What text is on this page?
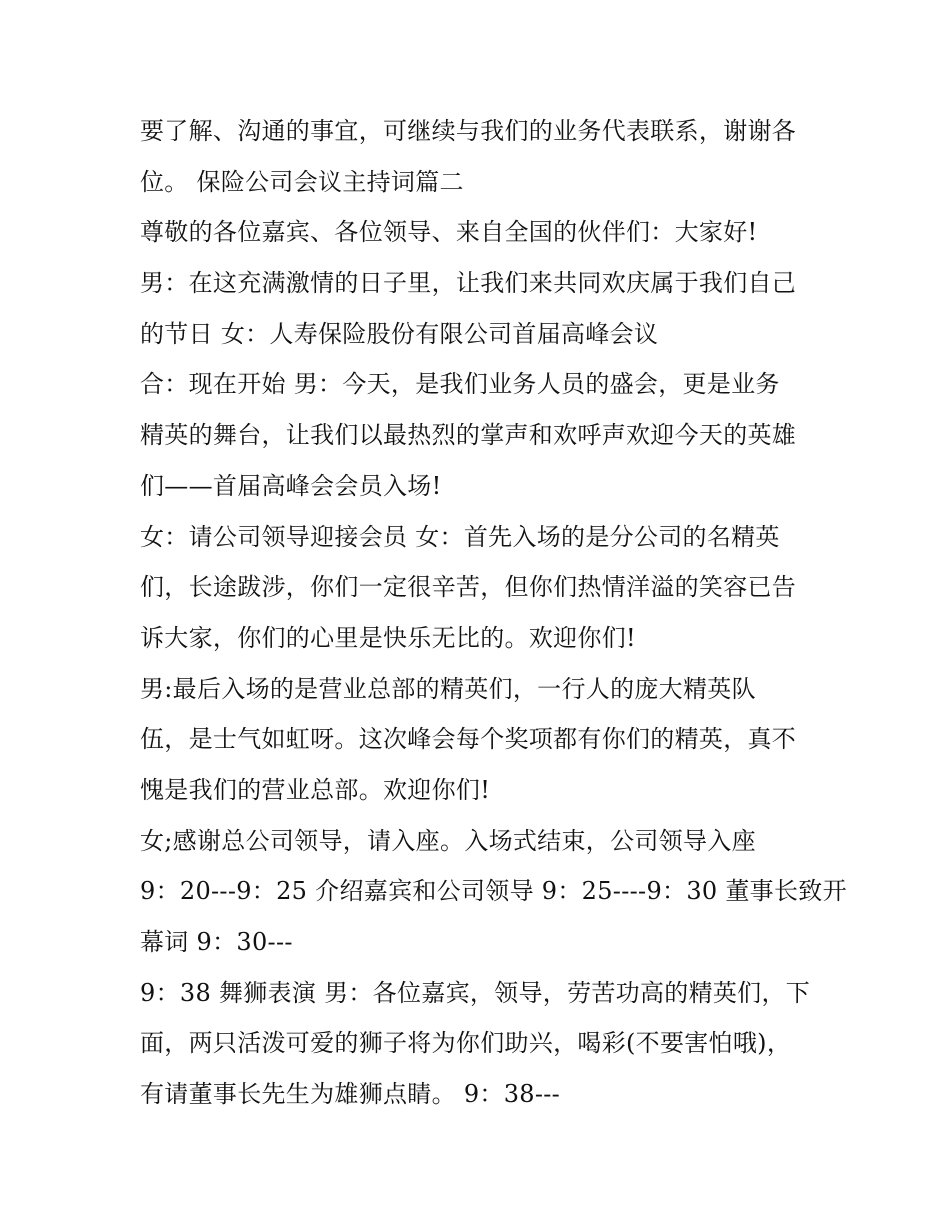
要了解、沟通的事宜，可继续与我们的业务代表联系，谢谢各
位。 保险公司会议主持词篇二
尊敬的各位嘉宾、各位领导、来自全国的伙伴们：大家好!
男：在这充满激情的日子里，让我们来共同欢庆属于我们自己
的节日 女：人寿保险股份有限公司首届高峰会议
合：现在开始 男：今天，是我们业务人员的盛会，更是业务
精英的舞台，让我们以最热烈的掌声和欢呼声欢迎今天的英雄
们——首届高峰会会员入场!
女：请公司领导迎接会员 女：首先入场的是分公司的名精英
们，长途跋涉，你们一定很辛苦，但你们热情洋溢的笑容已告
诉大家，你们的心里是快乐无比的。欢迎你们!
男:最后入场的是营业总部的精英们，一行人的庞大精英队
伍，是士气如虹呀。这次峰会每个奖项都有你们的精英，真不
愧是我们的营业总部。欢迎你们!
女;感谢总公司领导，请入座。入场式结束，公司领导入座
9：20---9：25 介绍嘉宾和公司领导 9：25----9：30 董事长致开
幕词 9：30---
9：38 舞狮表演 男：各位嘉宾，领导，劳苦功高的精英们，下
面，两只活泼可爱的狮子将为你们助兴，喝彩(不要害怕哦)，
有请董事长先生为雄狮点睛。 9：38---
